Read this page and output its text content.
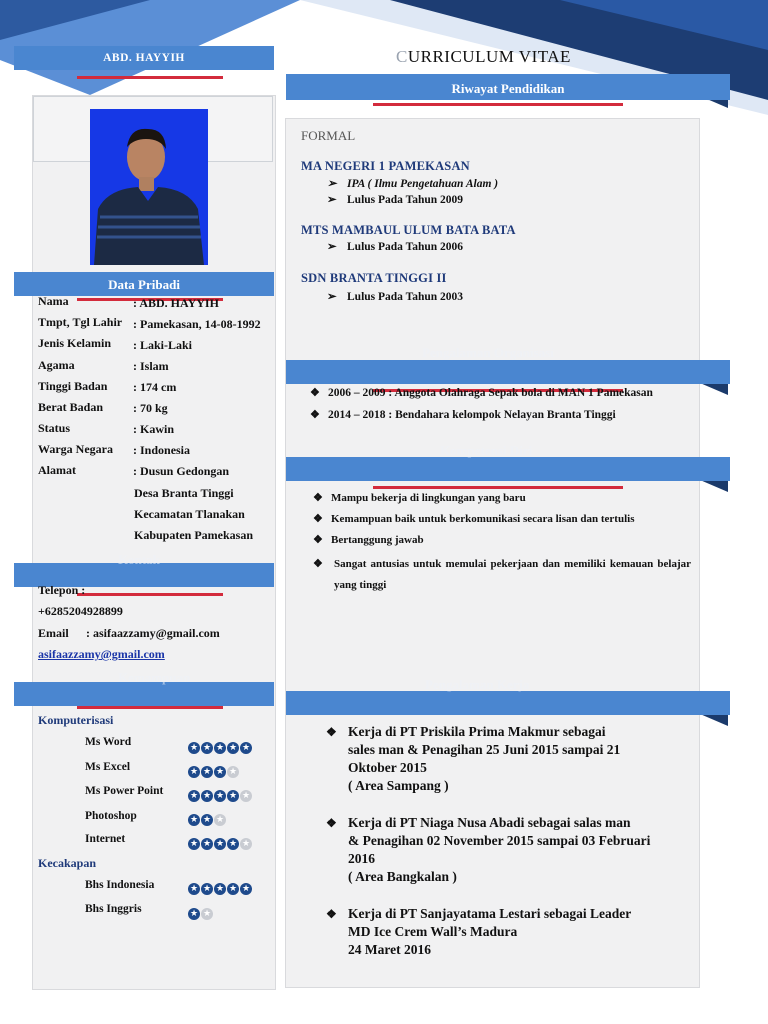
ABD. HAYYIH
Data Pribadi
Nama	: ABD. HAYYIH
Tmpt, Tgl Lahir : Pamekasan, 14-08-1992
Jenis Kelamin : Laki-Laki
Agama	: Islam
Tinggi Badan : 174 cm
Berat Badan : 70 kg
Status	: Kawin
Warga Negara : Indonesia
Alamat	: Dusun Gedongan
Desa Branta Tinggi
Kecamatan Tlanakan
Kabupaten Pamekasan
Kontak
Telepon :
+6285204928899
Email : asifaazzamy@gmail.com
asifaazzamy@gmail.com
Kemampuan
Komputerisasi
Ms Word	★ ★ ★ ★ ★
Ms Excel	★ ★ ★ ★
Ms Power Point	★ ★ ★ ★ ★
Photoshop	★ ★ ★
Internet	★ ★ ★ ★ ★
Kecakapan
Bhs Indonesia	★ ★ ★ ★ ★
Bhs Inggris	★ ★
CURRICULUM VITAE
Riwayat Pendidikan
FORMAL
MA NEGERI 1 PAMEKASAN
➢ IPA ( Ilmu Pengetahuan Alam )
➢ Lulus Pada Tahun 2009
MTS MAMBAUL ULUM BATA BATA
➢ Lulus Pada Tahun 2006
SDN BRANTA TINGGI II
➢ Lulus Pada Tahun 2003
Pengalaman Organisasi
❖ 2006 – 2009 : Anggota Olahraga Sepak bola di MAN 1 Pamekasan
❖ 2014 – 2018 : Bendahara kelompok Nelayan Branta Tinggi
Kompetensi Diri
❖ Mampu bekerja di lingkungan yang baru
❖ Kemampuan baik untuk berkomunikasi secara lisan dan tertulis
❖ Bertanggung jawab
❖	Sangat antusias untuk memulai pekerjaan dan memiliki kemauan belajar yang tinggi
Pengalaman Kerja
❖ Kerja di PT Priskila Prima Makmur sebagai
sales man & Penagihan 25 Juni 2015 sampai 21
Oktober 2015
( Area Sampang )
❖ Kerja di PT Niaga Nusa Abadi sebagai salas man
& Penagihan 02 November 2015 sampai 03 Februari
2016
( Area Bangkalan )
❖ Kerja di PT Sanjayatama Lestari sebagai Leader
MD Ice Crem Wall’s Madura
24 Maret 2016
